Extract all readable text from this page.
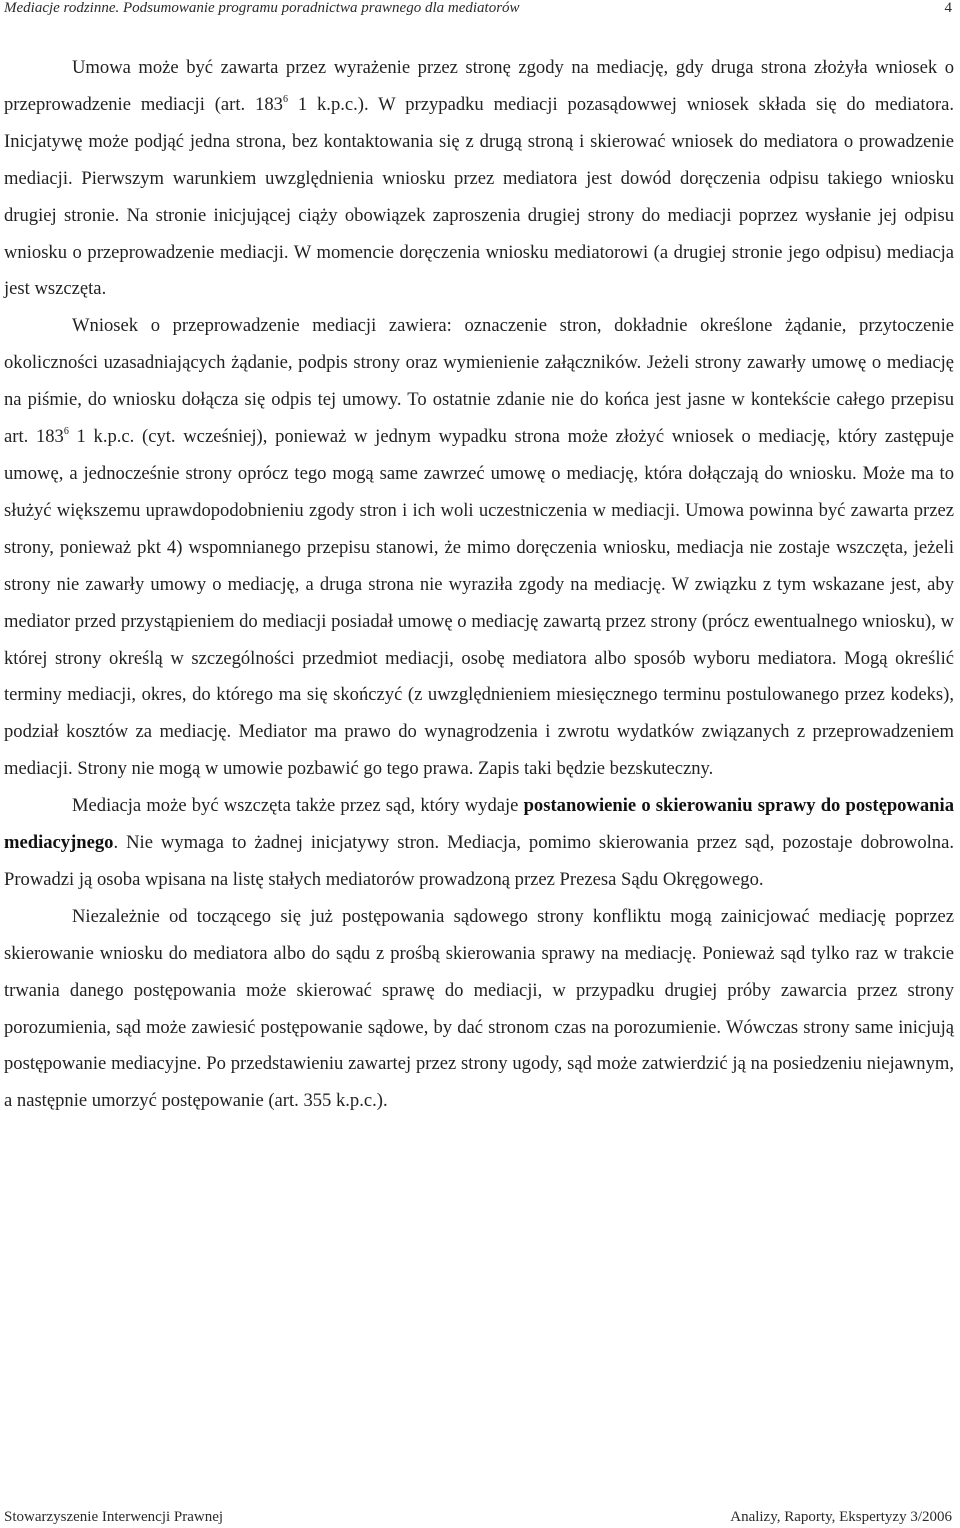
Mediacje rodzinne. Podsumowanie programu poradnictwa prawnego dla mediatorów	4

Umowa może być zawarta przez wyrażenie przez stronę zgody na mediację, gdy druga strona złożyła wniosek o przeprowadzenie mediacji (art. $183^6$ 1 k.p.c.). W przypadku mediacji pozasądowwej wniosek składa się do mediatora. Inicjatywę może podjąć jedna strona, bez kontaktowania się z drugą stroną i skierować wniosek do mediatora o prowadzenie mediacji. Pierwszym warunkiem uwzględnienia wniosku przez mediatora jest dowód doręczenia odpisu takiego wniosku drugiej stronie. Na stronie inicjującej ciąży obowiązek zaproszenia drugiej strony do mediacji poprzez wysłanie jej odpisu wniosku o przeprowadzenie mediacji. W momencie doręczenia wniosku mediatorowi (a drugiej stronie jego odpisu) mediacja jest wszczęta.

Wniosek o przeprowadzenie mediacji zawiera: oznaczenie stron, dokładnie określone żądanie, przytoczenie okoliczności uzasadniających żądanie, podpis strony oraz wymienienie załączników. Jeżeli strony zawarły umowę o mediację na piśmie, do wniosku dołącza się odpis tej umowy. To ostatnie zdanie nie do końca jest jasne w kontekście całego przepisu art. $183^6$ 1 k.p.c. (cyt. wcześniej), ponieważ w jednym wypadku strona może złożyć wniosek o mediację, który zastępuje umowę, a jednocześnie strony oprócz tego mogą same zawrzeć umowę o mediację, która dołączają do wniosku. Może ma to służyć większemu uprawdopodobnieniu zgody stron i ich woli uczestniczenia w mediacji. Umowa powinna być zawarta przez strony, ponieważ pkt 4) wspomnianego przepisu stanowi, że mimo doręczenia wniosku, mediacja nie zostaje wszczęta, jeżeli strony nie zawarły umowy o mediację, a druga strona nie wyraziła zgody na mediację. W związku z tym wskazane jest, aby mediator przed przystąpieniem do mediacji posiadał umowę o mediację zawartą przez strony (prócz ewentualnego wniosku), w której strony określą w szczególności przedmiot mediacji, osobę mediatora albo sposób wyboru mediatora. Mogą określić terminy mediacji, okres, do którego ma się skończyć (z uwzględnieniem miesięcznego terminu postulowanego przez kodeks), podział kosztów za mediację. Mediator ma prawo do wynagrodzenia i zwrotu wydatków związanych z przeprowadzeniem mediacji. Strony nie mogą w umowie pozbawić go tego prawa. Zapis taki będzie bezskuteczny.

Mediacja może być wszczęta także przez sąd, który wydaje postanowienie o skierowaniu sprawy do postępowania mediacyjnego. Nie wymaga to żadnej inicjatywy stron. Mediacja, pomimo skierowania przez sąd, pozostaje dobrowolna. Prowadzi ją osoba wpisana na listę stałych mediatorów prowadzoną przez Prezesa Sądu Okręgowego.

Niezależnie od toczącego się już postępowania sądowego strony konfliktu mogą zainicjować mediację poprzez skierowanie wniosku do mediatora albo do sądu z prośbą skierowania sprawy na mediację. Ponieważ sąd tylko raz w trakcie trwania danego postępowania może skierować sprawę do mediacji, w przypadku drugiej próby zawarcia przez strony porozumienia, sąd może zawiesić postępowanie sądowe, by dać stronom czas na porozumienie. Wówczas strony same inicjują postępowanie mediacyjne. Po przedstawieniu zawartej przez strony ugody, sąd może zatwierdzić ją na posiedzeniu niejawnym, a następnie umorzyć postępowanie (art. 355 k.p.c.).

Stowarzyszenie Interwencji Prawnej	Analizy, Raporty, Ekspertyzy 3/2006
